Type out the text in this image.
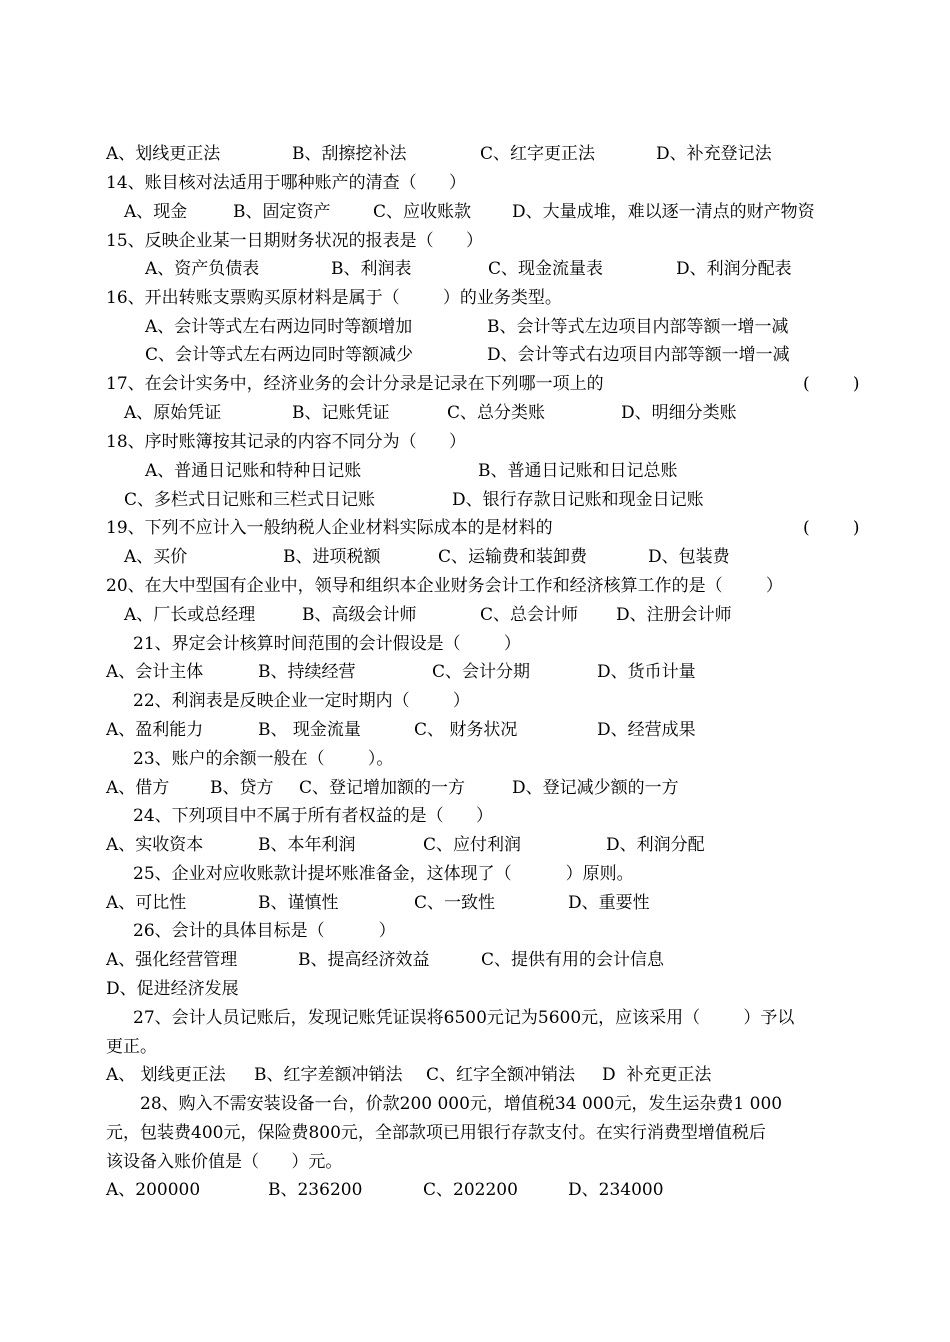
A、划线更正法	B、刮擦挖补法	C、红字更正法	D、补充登记法

14、账目核对法适用于哪种账产的清查（      ）

A、现金	B、固定资产	C、应收账款 D、大量成堆，难以逐一清点的财产物资

15、反映企业某一日期财务状况的报表是（      ）

A、资产负债表	B、利润表	C、现金流量表	D、利润分配表

16、开出转账支票购买原材料是属于（        ）的业务类型。

A、会计等式左右两边同时等额增加	B、会计等式左边项目内部等额一增一减

C、会计等式左右两边同时等额减少	D、会计等式右边项目内部等额一增一减

17、在会计实务中，经济业务的会计分录是记录在下列哪一项上的	(        )

A、原始凭证	B、记账凭证	C、总分类账	D、明细分类账

18、序时账簿按其记录的内容不同分为（      ）

A、普通日记账和特种日记账	B、普通日记账和日记总账

C、多栏式日记账和三栏式日记账	D、银行存款日记账和现金日记账

19、下列不应计入一般纳税人企业材料实际成本的是材料的	(        )

A、买价	B、进项税额	C、运输费和装卸费	D、包装费

20、在大中型国有企业中，领导和组织本企业财务会计工作和经济核算工作的是（        ）

A、厂长或总经理	B、高级会计师	C、总会计师 D、注册会计师

21、界定会计核算时间范围的会计假设是（        ）

A、会计主体	B、持续经营	C、会计分期	D、货币计量

22、利润表是反映企业一定时期内（        ）

A、盈利能力	B、 现金流量	C、 财务状况	D、经营成果

23、账户的余额一般在（        ）。

A、借方 B、贷方 C、登记增加额的一方	D、登记减少额的一方

24、下列项目中不属于所有者权益的是（      ）

A、实收资本	B、本年利润	C、应付利润	D、利润分配

25、企业对应收账款计提坏账准备金，这体现了（          ）原则。

A、可比性	B、谨慎性	C、一致性	D、重要性

26、会计的具体目标是（          ）

A、强化经营管理	B、提高经济效益	C、提供有用的会计信息

D、促进经济发展

27、会计人员记账后，发现记账凭证误将6500元记为5600元，应该采用（        ）予以

更正。

A、 划线更正法 B、红字差额冲销法 C、红字全额冲销法 D  补充更正法

28、购入不需安装设备一台，价款200 000元，增值税34 000元，发生运杂费1 000

元，包装费400元，保险费800元，全部款项已用银行存款支付。在实行消费型增值税后

该设备入账价值是（      ）元。

A、200000	B、236200	C、202200	D、234000
